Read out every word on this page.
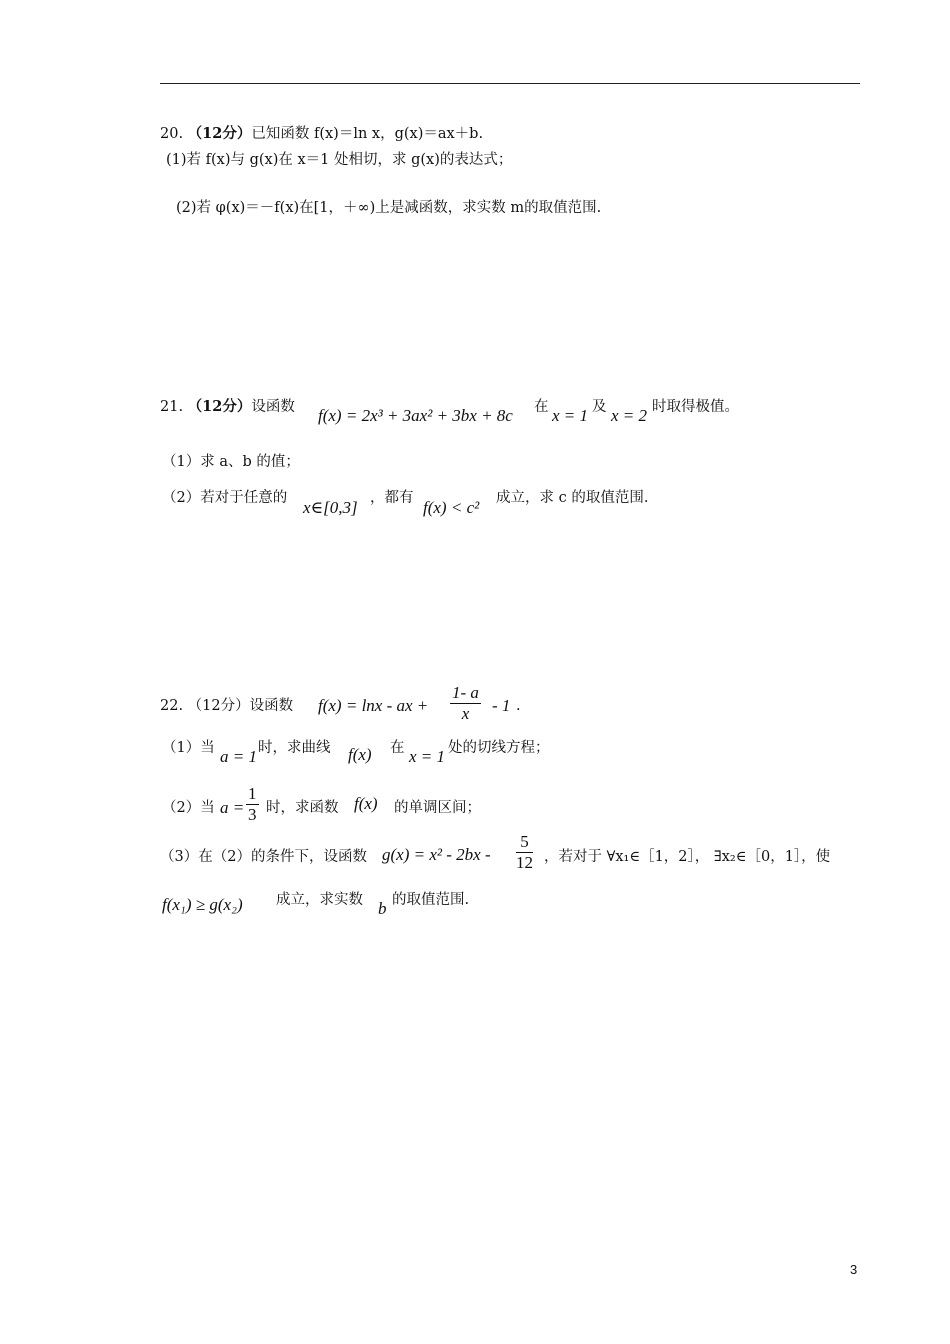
20. （12分）已知函数 f(x)＝ln x，g(x)＝ax＋b.
(1)若 f(x)与 g(x)在 x＝1 处相切，求 g(x)的表达式；
(2)若 φ(x)＝－f(x)在[1，＋∞)上是减函数，求实数 m的取值范围.
21. （12分）设函数 f(x) = 2x³ + 3ax² + 3bx + 8c 在 x = 1 及 x = 2 时取得极值。
（1）求 a、b 的值；
（2）若对于任意的 x∈[0,3] ，都有 f(x) < c² 成立，求 c 的取值范围.
22. （12分）设函数 f(x) = lnx - ax + $\frac{1- a}{x} - 1$ .
（1）当 a = 1 时，求曲线 f(x) 在 x = 1 处的切线方程；
（2）当 $a = \frac{1}{3}$ 时，求函数 f(x) 的单调区间；
（3）在（2）的条件下，设函数 $g(x) = x^2 - 2bx - \frac{5}{12}$ ，若对于 ∀x₁∈［1，2］， ∃x₂∈［0，1］，使
f(x₁) ≥ g(x₂) 成立，求实数 b 的取值范围.
3
